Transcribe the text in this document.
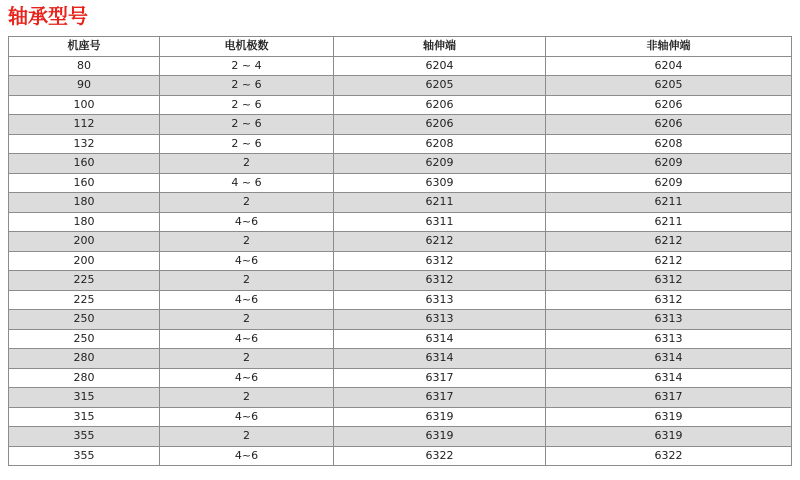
轴承型号
机座号	电机极数	轴伸端	非轴伸端
80	2 ~ 4	6204	6204
90	2 ~ 6	6205	6205
100	2 ~ 6	6206	6206
112	2 ~ 6	6206	6206
132	2 ~ 6	6208	6208
160	2	6209	6209
160	4 ~ 6	6309	6209
180	2	6211	6211
180	4~6	6311	6211
200	2	6212	6212
200	4~6	6312	6212
225	2	6312	6312
225	4~6	6313	6312
250	2	6313	6313
250	4~6	6314	6313
280	2	6314	6314
280	4~6	6317	6314
315	2	6317	6317
315	4~6	6319	6319
355	2	6319	6319
355	4~6	6322	6322
